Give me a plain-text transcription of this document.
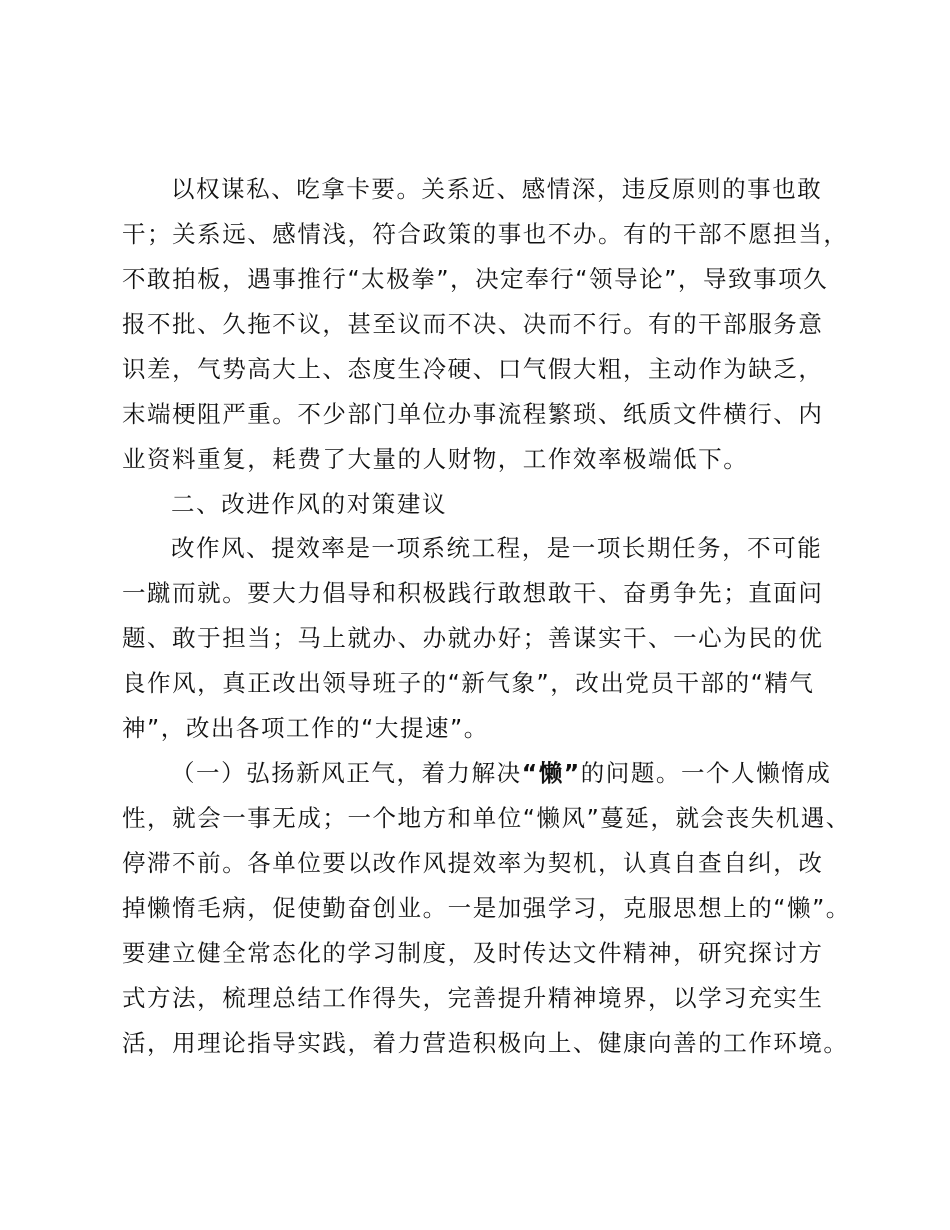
以权谋私、吃拿卡要。关系近、感情深，违反原则的事也敢
干；关系远、感情浅，符合政策的事也不办。有的干部不愿担当，
不敢拍板，遇事推行“太极拳”，决定奉行“领导论”，导致事项久
报不批、久拖不议，甚至议而不决、决而不行。有的干部服务意
识差，气势高大上、态度生冷硬、口气假大粗，主动作为缺乏，
末端梗阻严重。不少部门单位办事流程繁琐、纸质文件横行、内
业资料重复，耗费了大量的人财物，工作效率极端低下。
二、改进作风的对策建议
改作风、提效率是一项系统工程，是一项长期任务，不可能
一蹴而就。要大力倡导和积极践行敢想敢干、奋勇争先；直面问
题、敢于担当；马上就办、办就办好；善谋实干、一心为民的优
良作风，真正改出领导班子的“新气象”，改出党员干部的“精气
神”，改出各项工作的“大提速”。
（一）弘扬新风正气，着力解决“懒”的问题。一个人懒惰成
性，就会一事无成；一个地方和单位“懒风”蔓延，就会丧失机遇、
停滞不前。各单位要以改作风提效率为契机，认真自查自纠，改
掉懒惰毛病，促使勤奋创业。一是加强学习，克服思想上的“懒”。
要建立健全常态化的学习制度，及时传达文件精神，研究探讨方
式方法，梳理总结工作得失，完善提升精神境界，以学习充实生
活，用理论指导实践，着力营造积极向上、健康向善的工作环境。
